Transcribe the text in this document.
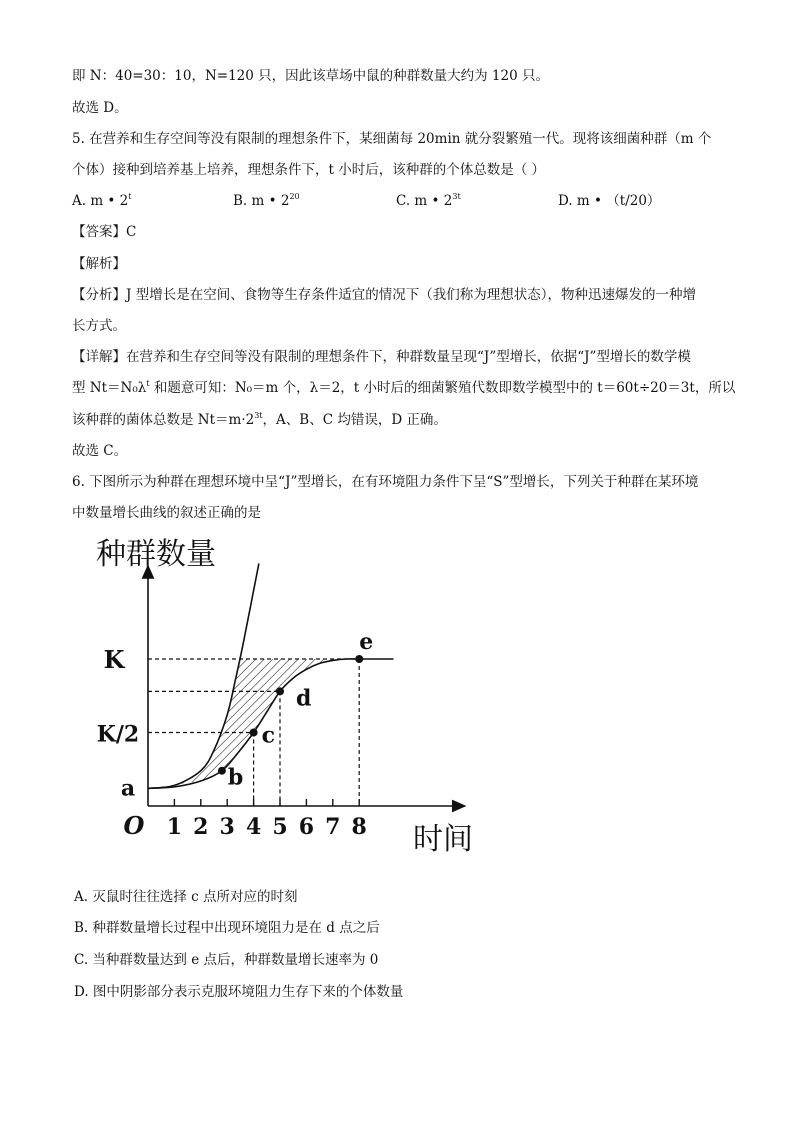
即 N：40=30：10，N=120 只，因此该草场中鼠的种群数量大约为 120 只。
故选 D。
5. 在营养和生存空间等没有限制的理想条件下，某细菌每 20min 就分裂繁殖一代。现将该细菌种群（m 个
个体）接种到培养基上培养，理想条件下，t 小时后，该种群的个体总数是（ ）
A. m • 2$^t$	B. m • $2^{20}$	C. m • $2^{3t}$	D. m • （t/20）
【答案】C
【解析】
【分析】J 型增长是在空间、食物等生存条件适宜的情况下（我们称为理想状态），物种迅速爆发的一种增
长方式。
【详解】在营养和生存空间等没有限制的理想条件下，种群数量呈现“J”型增长，依据“J”型增长的数学模
型 $Nt=N_0\lambda^t$ 和题意可知：N₀＝m 个，λ＝2，t 小时后的细菌繁殖代数即数学模型中的 t＝60t÷20＝3t，所以
该种群的菌体总数是 $Nt=m\cdot 2^{3t}$，A、B、C 均错误，D 正确。
故选 C。
6. 下图所示为种群在理想环境中呈“J”型增长，在有环境阻力条件下呈“S”型增长，下列关于种群在某环境
中数量增长曲线的叙述正确的是
1 2 3 4 5 6 7 8
O
种群数量
时间
K
K/2
a	b
c
d
e
A. 灭鼠时往往选择 c 点所对应的时刻
B. 种群数量增长过程中出现环境阻力是在 d 点之后
C. 当种群数量达到 e 点后，种群数量增长速率为 0
D. 图中阴影部分表示克服环境阻力生存下来的个体数量
